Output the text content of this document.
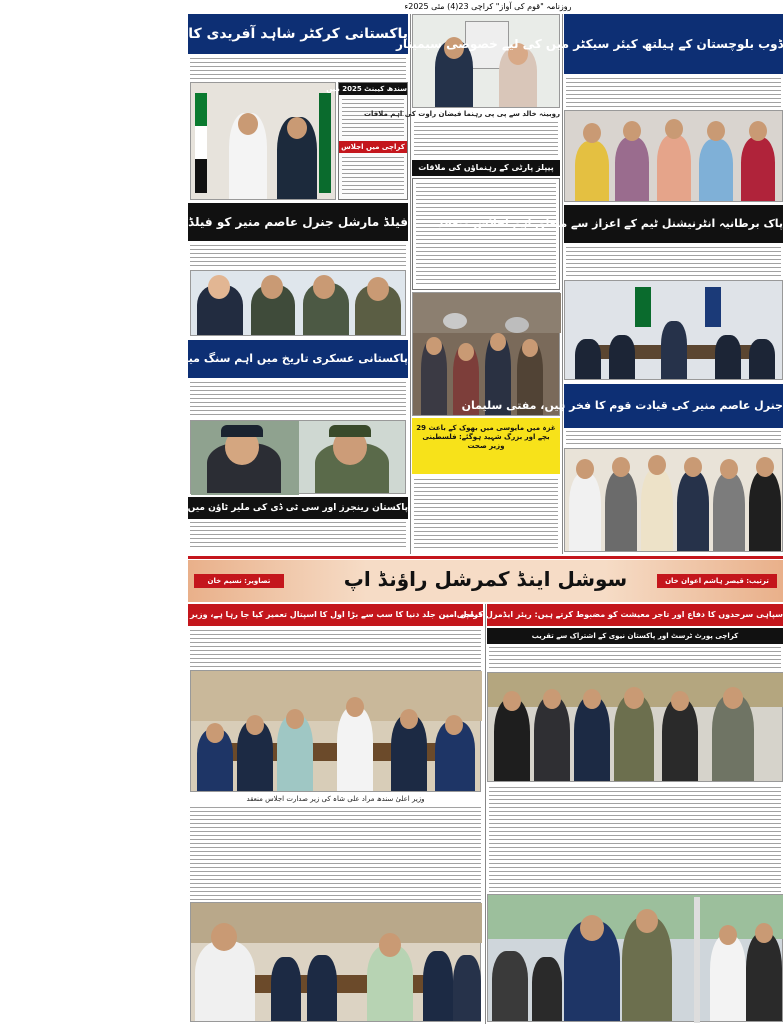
روزنامہ "قوم کی آواز" کراچی 23(4) مئی 2025ء
پاکستانی کرکٹر شاہد آفریدی کا دبئی کی قونصلیٹ کا دورہ
سندھ کیبنٹ 2025 میں
کراچی میں اجلاس
فیلڈ مارشل جنرل عاصم منیر کو فیلڈ مارشل کے عہدے پر ترقی
پاکستانی عسکری تاریخ میں اہم سنگ میل قوم کا فخر اور اظہار تشکر
پاکستان رینجرز اور سی ٹی ڈی کی ملیر ٹاؤن میں کارروائی، دہشتگرد
روبینہ خالد سے پی پی رہنما فیضان راوت کی اہم ملاقات
پیپلز پارٹی کے رہنماؤں کی ملاقات
غزہ میں مایوسی میں بھوک کے باعث 29 بچے اور بزرگ شہید ہوگئے: فلسطینی وزیر صحت
ڈوب بلوچستان کے ہیلتھ کیئر سیکٹر میں کی لیے خصوصی سیمینار
پاک برطانیہ انٹرنیشنل ٹیم کے اعزاز سے متعلق اہم اجلاس منعقد
جنرل عاصم منیر کی قیادت قوم کا فخر ہیں، مفتی سلیمان
سوشل اینڈ کمرشل راؤنڈ اپ	ترتیب: قیصر ہاشم اعوان خان
تصاویر: نسیم خان
کراچی میں جلد دنیا کا سب سے بڑا اول کا اسپتال تعمیر کیا جا رہا ہے، وزیر اعلیٰ سندھ
وزیر اعلیٰ سندھ مراد علی شاہ کی زیر صدارت اجلاس منعقد
سپاہی سرحدوں کا دفاع اور تاجر معیشت کو مضبوط کرتے ہیں: ریئر ایڈمرل فیصل امین
کراچی پورٹ ٹرسٹ اور پاکستان نیوی کے اشتراک سے تقریب
